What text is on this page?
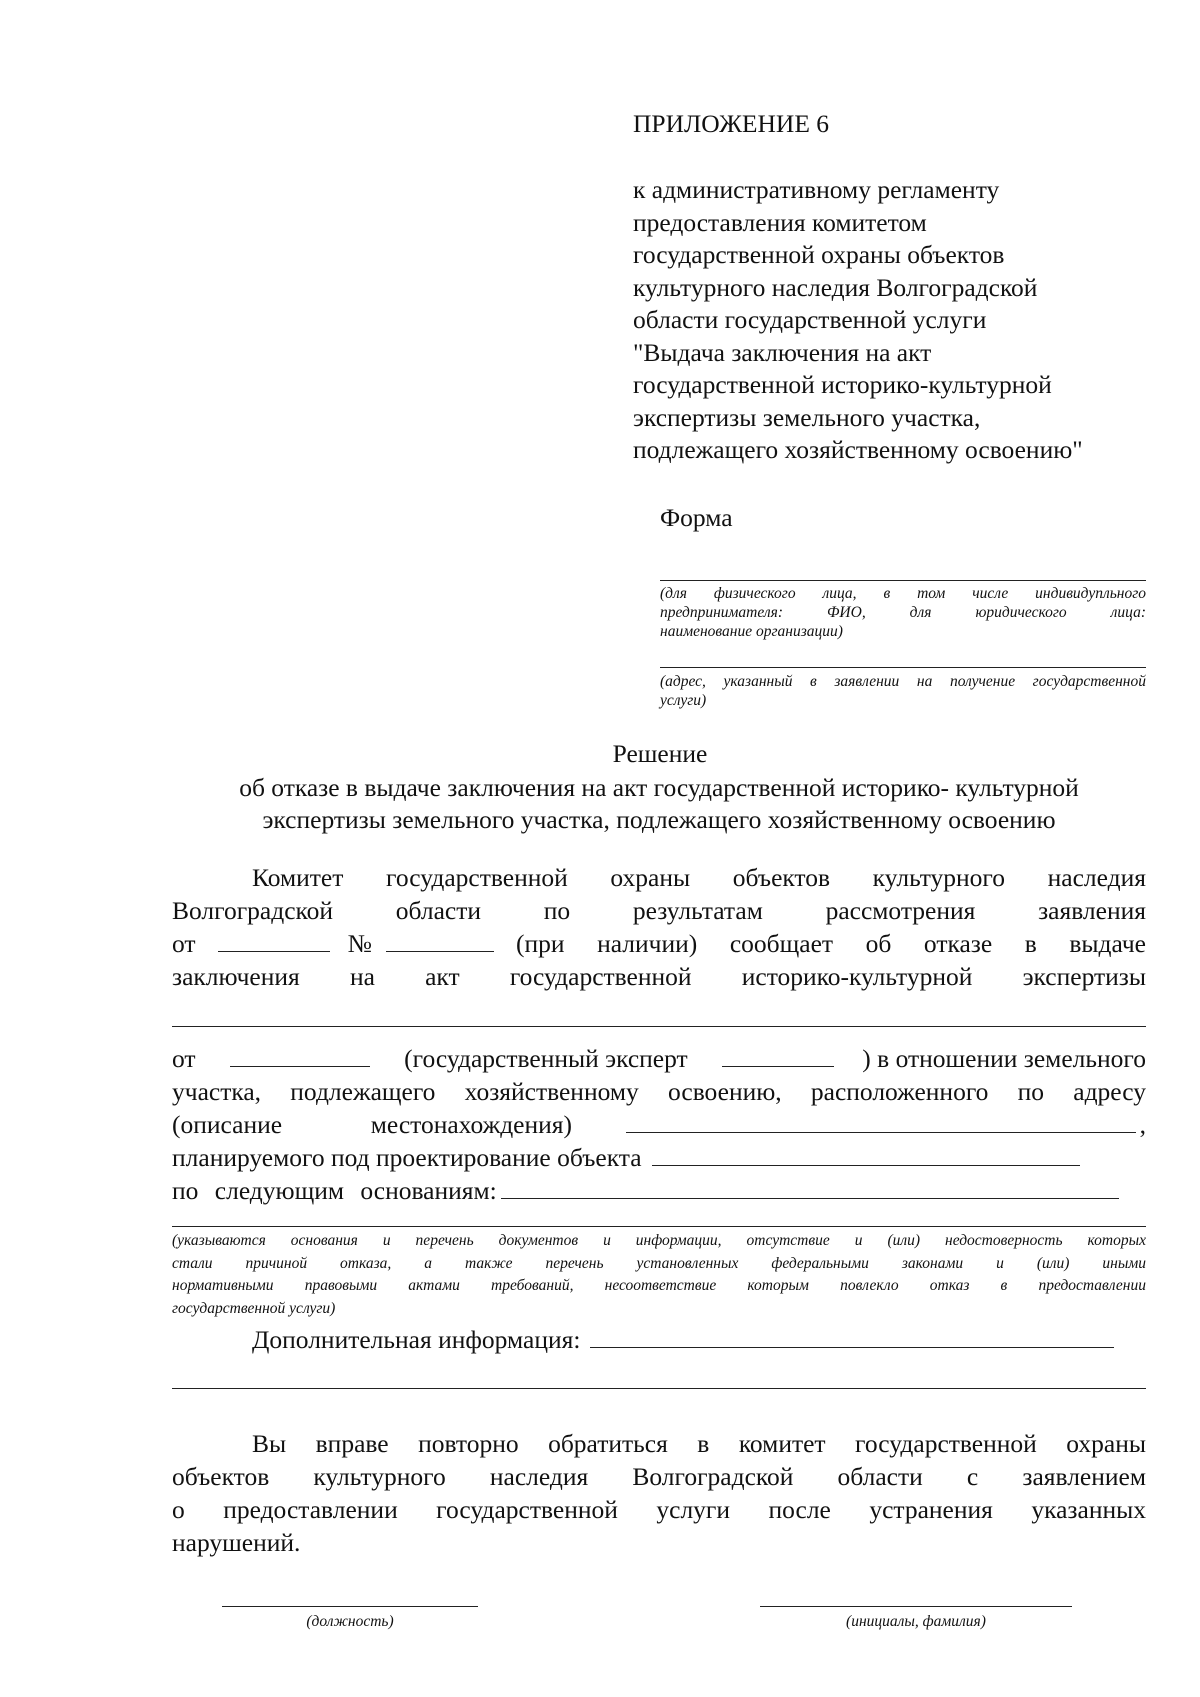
ПРИЛОЖЕНИЕ 6
к административному регламенту
предоставления комитетом
государственной охраны объектов
культурного наследия Волгоградской
области государственной услуги
"Выдача заключения на акт
государственной историко-культурной
экспертизы земельного участка,
подлежащего хозяйственному освоению"
Форма
(для физического лица, в том числе индивидупльного
предпринимателя: ФИО, для юридического лица:
наименование организации)
(адрес, указанный в заявлении на получение государственной
услуги)
Решение
об отказе в выдаче заключения на акт государственной историко- культурной
экспертизы земельного участка, подлежащего хозяйственному освоению
Комитет государственной охраны объектов культурного наследия
Волгоградской области по результатам рассмотрения заявления
от	№	(при наличии) сообщает об отказе в выдаче
заключения на акт государственной историко-культурной экспертизы
от	(государственный эксперт	) в отношении земельного
участка, подлежащего хозяйственному освоению, расположенного по адресу
(описание местонахождения)	,
планируемого под проектирование объекта
по следующим основаниям:
(указываются основания и перечень документов и информации, отсутствие и (или) недостоверность которых
стали причиной отказа, а также перечень установленных федеральными законами и (или) иными
нормативными правовыми актами требований, несоответствие которым повлекло отказ в предоставлении
государственной услуги)
Дополнительная информация:
Вы вправе повторно обратиться в комитет государственной охраны
объектов культурного наследия Волгоградской области с заявлением
о предоставлении государственной услуги после устранения указанных
нарушений.
(должность)	(инициалы, фамилия)
